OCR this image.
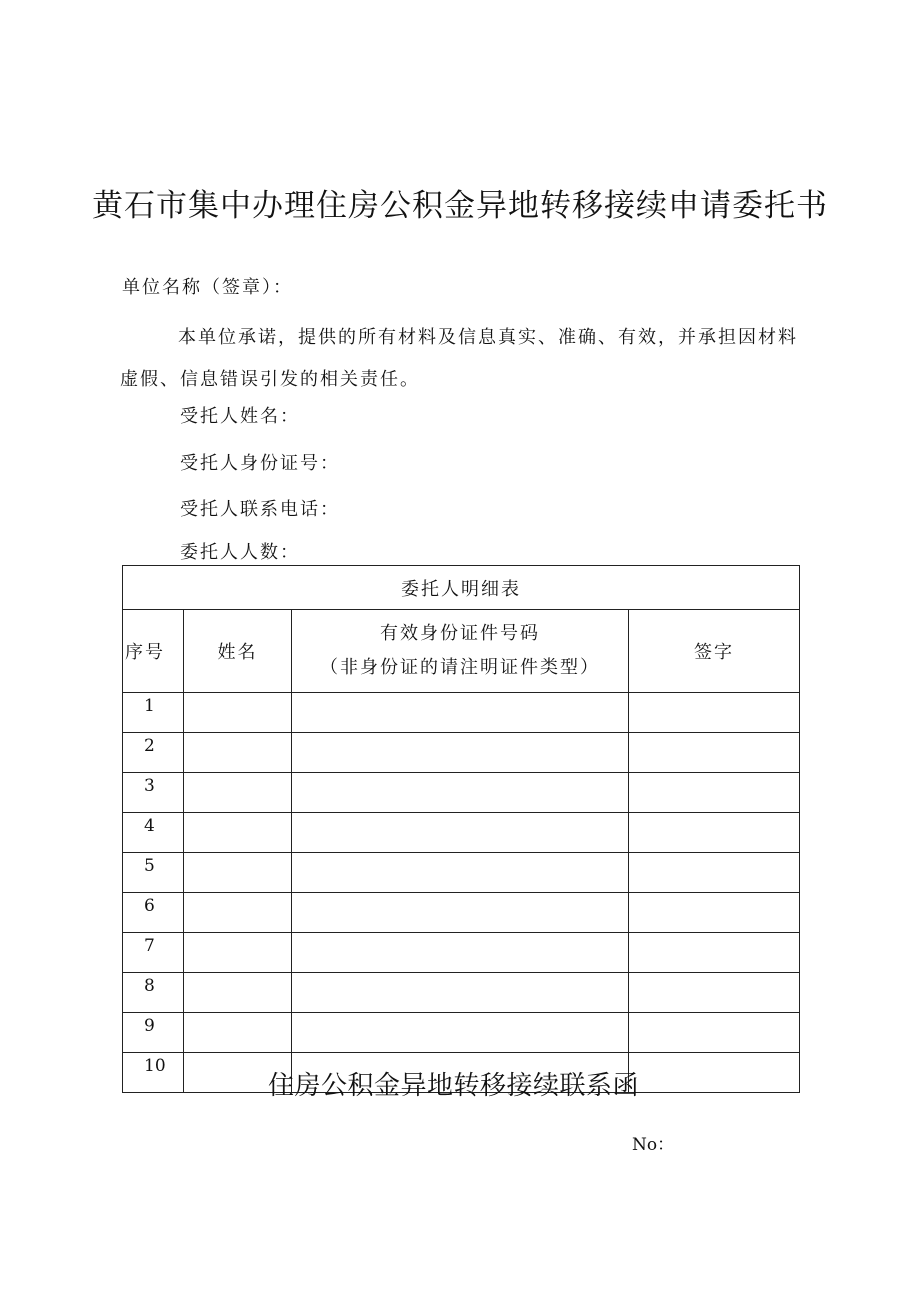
黄石市集中办理住房公积金异地转移接续申请委托书
单位名称（签章）：
本单位承诺，提供的所有材料及信息真实、准确、有效，并承担因材料虚假、信息错误引发的相关责任。
受托人姓名：
受托人身份证号：
受托人联系电话：
委托人人数：
委托人明细表			
序号	姓名	有效身份证件号码
（非身份证的请注明证件类型）	签字
1			
2			
3			
4			
5			
6			
7			
8			
9			
10			
住房公积金异地转移接续联系函
No：
